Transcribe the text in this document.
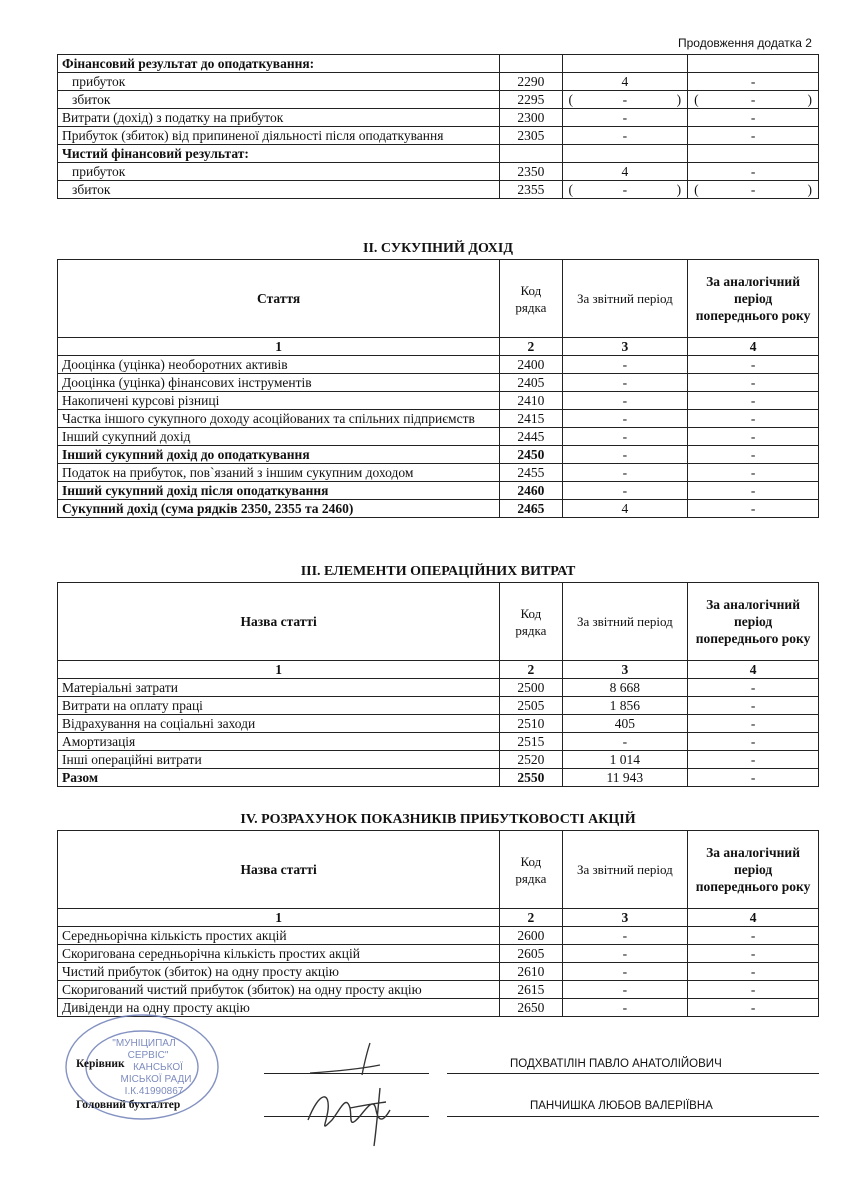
Продовження додатка 2
Фінансовий результат до оподаткування:			
прибуток	2290	4	-
збиток	2295	( - )	( - )

Витрати (дохід) з податку на прибуток	2300	-	-
Прибуток (збиток) від припиненої діяльності після оподаткування	2305	-	-
Чистий фінансовий результат:			
прибуток	2350	4	-
збиток	2355	( - )	( - )
II. СУКУПНИЙ ДОХІД
Стаття	Код рядка	За звітний період	За аналогічний період попереднього року
1	2	3	4
Дооцінка (уцінка) необоротних активів	2400	-	-
Дооцінка (уцінка) фінансових інструментів	2405	-	-
Накопичені курсові різниці	2410	-	-
Частка іншого сукупного доходу асоційованих та спільних підприємств	2415	-	-
Інший сукупний дохід	2445	-	-
Інший сукупний дохід до оподаткування	2450	-	-
Податок на прибуток, пов`язаний з іншим сукупним доходом	2455	-	-
Інший сукупний дохід після оподаткування	2460	-	-
Сукупний дохід (сума рядків 2350, 2355 та 2460)	2465	4	-
III. ЕЛЕМЕНТИ ОПЕРАЦІЙНИХ ВИТРАТ
Назва статті	Код рядка	За звітний період	За аналогічний період попереднього року
1	2	3	4
Матеріальні затрати	2500	8 668	-
Витрати на оплату праці	2505	1 856	-
Відрахування на соціальні заходи	2510	405	-
Амортизація	2515	-	-
Інші операційні витрати	2520	1 014	-
Разом	2550	11 943	-
IV. РОЗРАХУНОК ПОКАЗНИКІВ ПРИБУТКОВОСТІ АКЦІЙ
Назва статті	Код рядка	За звітний період	За аналогічний період попереднього року
1	2	3	4
Середньорічна кількість простих акцій	2600	-	-
Скоригована середньорічна кількість простих акцій	2605	-	-
Чистий прибуток (збиток) на одну просту акцію	2610	-	-
Скоригований чистий прибуток (збиток) на одну просту акцію	2615	-	-
Дивіденди на одну просту акцію	2650	-	-
"МУНІЦИПАЛ
СЕРВІС"
КАНСЬКОЇ
МІСЬКОЇ РАДИ
І.К.41990867
Керівник	ПОДХВАТІЛІН ПАВЛО АНАТОЛІЙОВИЧ
Головний бухгалтер	ПАНЧИШКА ЛЮБОВ ВАЛЕРІЇВНА
